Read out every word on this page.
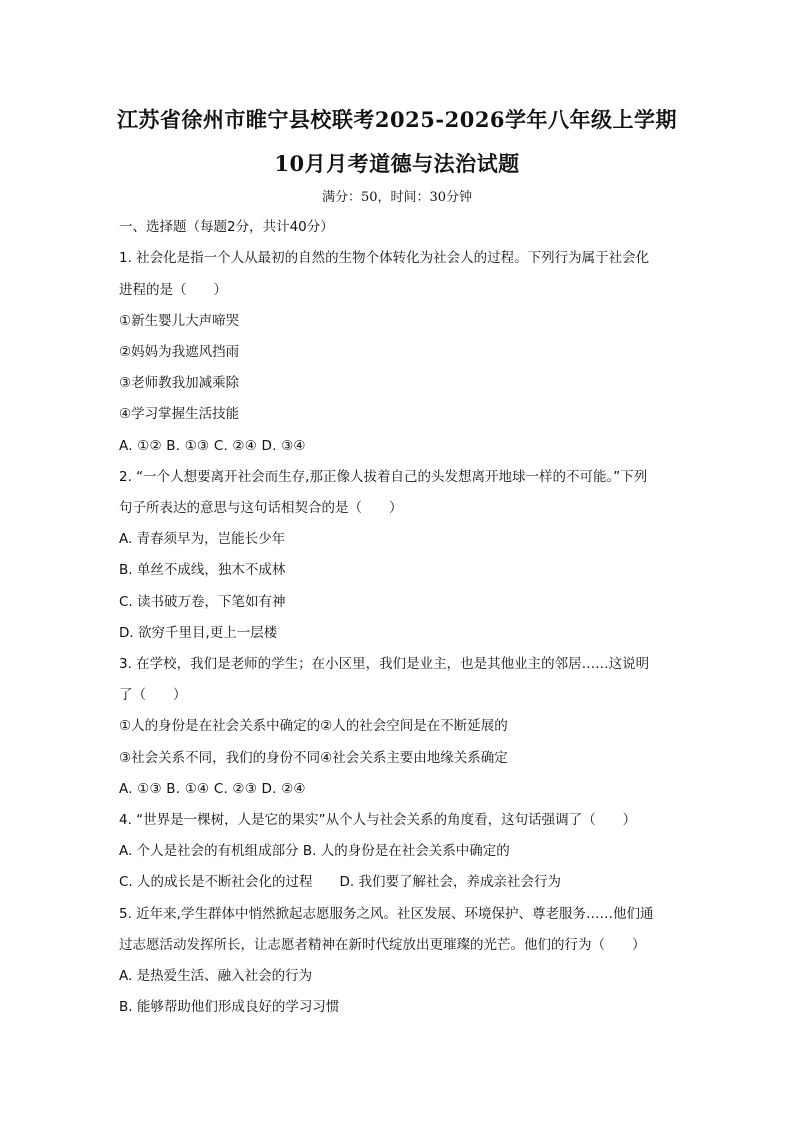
江苏省徐州市睢宁县校联考2025-2026学年八年级上学期
10月月考道德与法治试题
满分：50，时间：30分钟
一、选择题（每题2分，共计40分）
1. 社会化是指一个人从最初的自然的生物个体转化为社会人的过程。下列行为属于社会化
进程的是（　　）
①新生婴儿大声啼哭
②妈妈为我遮风挡雨
③老师教我加减乘除
④学习掌握生活技能
A. ①② B. ①③ C. ②④ D. ③④
2. “一个人想要离开社会而生存,那正像人拔着自己的头发想离开地球一样的不可能。”下列
句子所表达的意思与这句话相契合的是（　　）
A. 青春须早为，岂能长少年
B. 单丝不成线，独木不成林
C. 读书破万卷，下笔如有神
D. 欲穷千里目,更上一层楼
3. 在学校，我们是老师的学生；在小区里，我们是业主，也是其他业主的邻居……这说明
了（　　）
①人的身份是在社会关系中确定的②人的社会空间是在不断延展的
③社会关系不同，我们的身份不同④社会关系主要由地缘关系确定
A. ①③ B. ①④ C. ②③ D. ②④
4. “世界是一棵树，人是它的果实”从个人与社会关系的角度看，这句话强调了（　　）
A. 个人是社会的有机组成部分 B. 人的身份是在社会关系中确定的
C. 人的成长是不断社会化的过程　　D. 我们要了解社会，养成亲社会行为
5. 近年来,学生群体中悄然掀起志愿服务之风。社区发展、环境保护、尊老服务……他们通
过志愿活动发挥所长，让志愿者精神在新时代绽放出更璀璨的光芒。他们的行为（　　）
A. 是热爱生活、融入社会的行为
B. 能够帮助他们形成良好的学习习惯
